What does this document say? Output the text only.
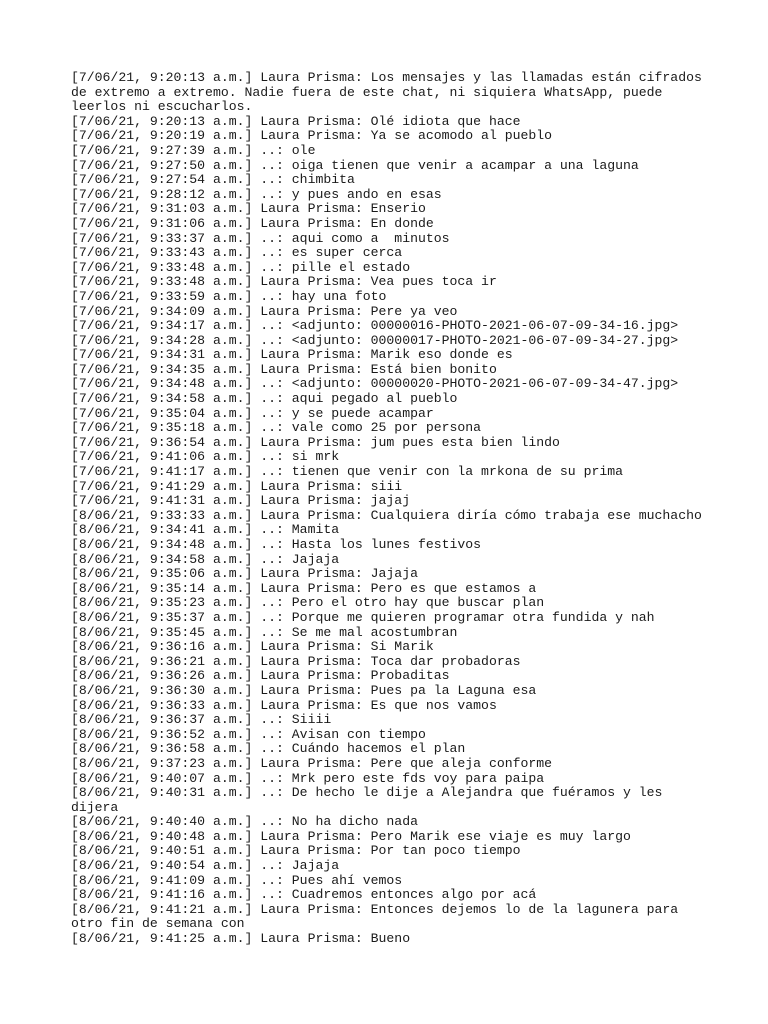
[7/06/21, 9:20:13 a.m.] Laura Prisma: Los mensajes y las llamadas están cifrados de extremo a extremo. Nadie fuera de este chat, ni siquiera WhatsApp, puede leerlos ni escucharlos.
[7/06/21, 9:20:13 a.m.] Laura Prisma: Olé idiota que hace
[7/06/21, 9:20:19 a.m.] Laura Prisma: Ya se acomodo al pueblo
[7/06/21, 9:27:39 a.m.] ..: ole
[7/06/21, 9:27:50 a.m.] ..: oiga tienen que venir a acampar a una laguna
[7/06/21, 9:27:54 a.m.] ..: chimbita
[7/06/21, 9:28:12 a.m.] ..: y pues ando en esas
[7/06/21, 9:31:03 a.m.] Laura Prisma: Enserio
[7/06/21, 9:31:06 a.m.] Laura Prisma: En donde
[7/06/21, 9:33:37 a.m.] ..: aqui como a  minutos
[7/06/21, 9:33:43 a.m.] ..: es super cerca
[7/06/21, 9:33:48 a.m.] ..: pille el estado
[7/06/21, 9:33:48 a.m.] Laura Prisma: Vea pues toca ir
[7/06/21, 9:33:59 a.m.] ..: hay una foto
[7/06/21, 9:34:09 a.m.] Laura Prisma: Pere ya veo
[7/06/21, 9:34:17 a.m.] ..: <adjunto: 00000016-PHOTO-2021-06-07-09-34-16.jpg>
[7/06/21, 9:34:28 a.m.] ..: <adjunto: 00000017-PHOTO-2021-06-07-09-34-27.jpg>
[7/06/21, 9:34:31 a.m.] Laura Prisma: Marik eso donde es
[7/06/21, 9:34:35 a.m.] Laura Prisma: Está bien bonito
[7/06/21, 9:34:48 a.m.] ..: <adjunto: 00000020-PHOTO-2021-06-07-09-34-47.jpg>
[7/06/21, 9:34:58 a.m.] ..: aqui pegado al pueblo
[7/06/21, 9:35:04 a.m.] ..: y se puede acampar
[7/06/21, 9:35:18 a.m.] ..: vale como 25 por persona
[7/06/21, 9:36:54 a.m.] Laura Prisma: jum pues esta bien lindo
[7/06/21, 9:41:06 a.m.] ..: si mrk
[7/06/21, 9:41:17 a.m.] ..: tienen que venir con la mrkona de su prima
[7/06/21, 9:41:29 a.m.] Laura Prisma: siii
[7/06/21, 9:41:31 a.m.] Laura Prisma: jajaj
[8/06/21, 9:33:33 a.m.] Laura Prisma: Cualquiera diría cómo trabaja ese muchacho
[8/06/21, 9:34:41 a.m.] ..: Mamita
[8/06/21, 9:34:48 a.m.] ..: Hasta los lunes festivos
[8/06/21, 9:34:58 a.m.] ..: Jajaja
[8/06/21, 9:35:06 a.m.] Laura Prisma: Jajaja
[8/06/21, 9:35:14 a.m.] Laura Prisma: Pero es que estamos a
[8/06/21, 9:35:23 a.m.] ..: Pero el otro hay que buscar plan
[8/06/21, 9:35:37 a.m.] ..: Porque me quieren programar otra fundida y nah
[8/06/21, 9:35:45 a.m.] ..: Se me mal acostumbran
[8/06/21, 9:36:16 a.m.] Laura Prisma: Si Marik
[8/06/21, 9:36:21 a.m.] Laura Prisma: Toca dar probadoras
[8/06/21, 9:36:26 a.m.] Laura Prisma: Probaditas
[8/06/21, 9:36:30 a.m.] Laura Prisma: Pues pa la Laguna esa
[8/06/21, 9:36:33 a.m.] Laura Prisma: Es que nos vamos
[8/06/21, 9:36:37 a.m.] ..: Siiii
[8/06/21, 9:36:52 a.m.] ..: Avisan con tiempo
[8/06/21, 9:36:58 a.m.] ..: Cuándo hacemos el plan
[8/06/21, 9:37:23 a.m.] Laura Prisma: Pere que aleja conforme
[8/06/21, 9:40:07 a.m.] ..: Mrk pero este fds voy para paipa
[8/06/21, 9:40:31 a.m.] ..: De hecho le dije a Alejandra que fuéramos y les dijera
[8/06/21, 9:40:40 a.m.] ..: No ha dicho nada
[8/06/21, 9:40:48 a.m.] Laura Prisma: Pero Marik ese viaje es muy largo
[8/06/21, 9:40:51 a.m.] Laura Prisma: Por tan poco tiempo
[8/06/21, 9:40:54 a.m.] ..: Jajaja
[8/06/21, 9:41:09 a.m.] ..: Pues ahí vemos
[8/06/21, 9:41:16 a.m.] ..: Cuadremos entonces algo por acá
[8/06/21, 9:41:21 a.m.] Laura Prisma: Entonces dejemos lo de la lagunera para otro fin de semana con
[8/06/21, 9:41:25 a.m.] Laura Prisma: Bueno
